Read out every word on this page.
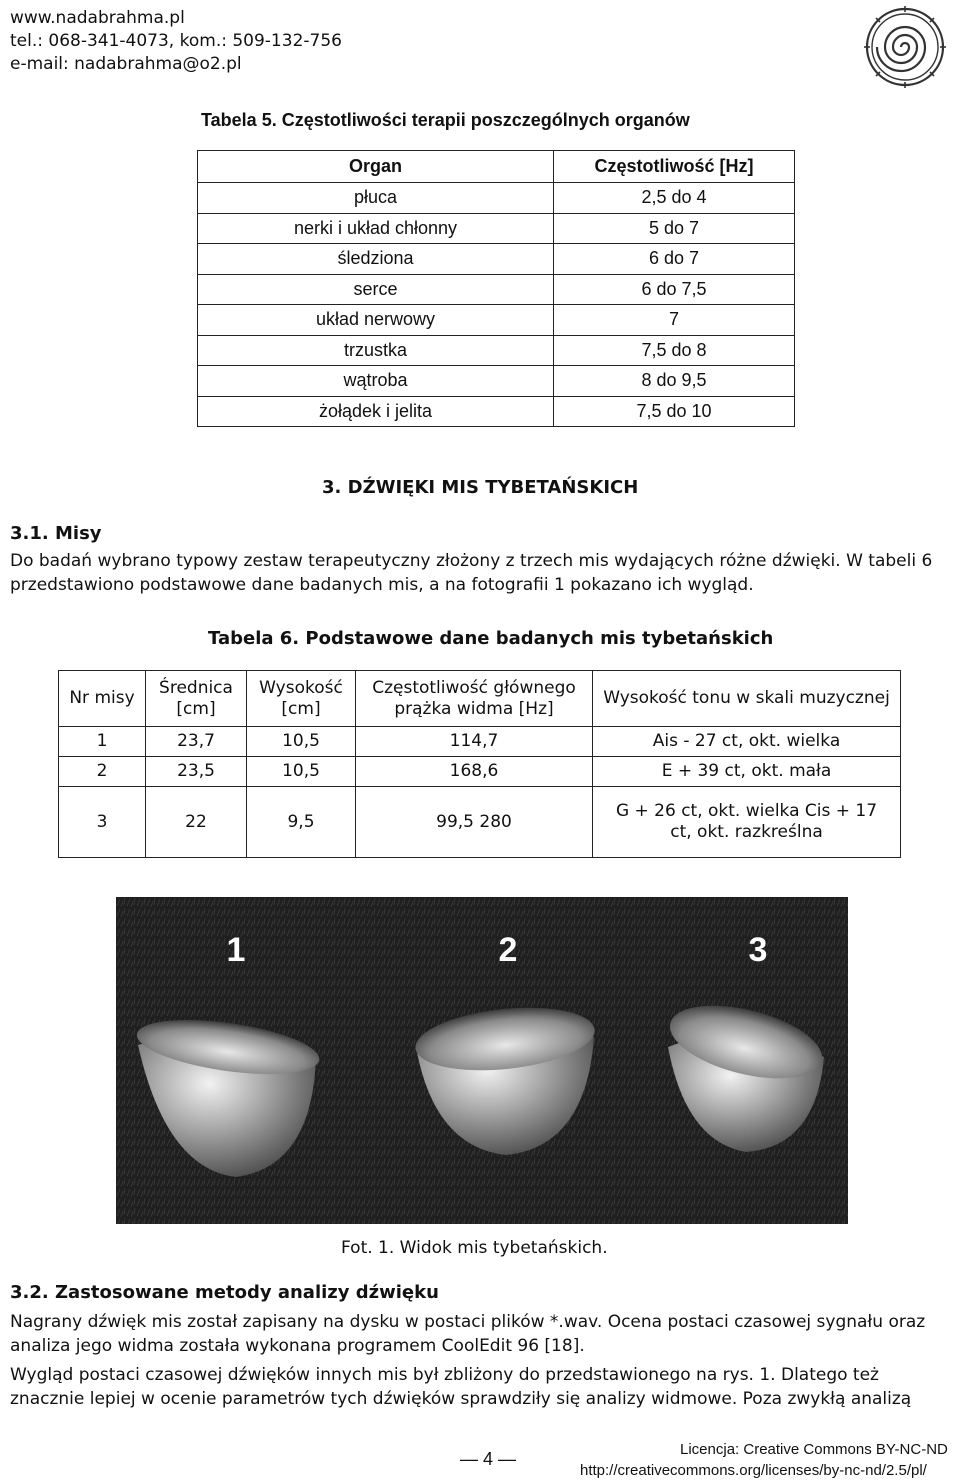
www.nadabrahma.pl
tel.: 068-341-4073, kom.: 509-132-756
e-mail: nadabrahma@o2.pl
Tabela 5. Częstotliwości terapii poszczególnych organów
Organ	Częstotliwość [Hz]
płuca	2,5 do 4
nerki i układ chłonny	5 do 7
śledziona	6 do 7
serce	6 do 7,5
układ nerwowy	7
trzustka	7,5 do 8
wątroba	8 do 9,5
żołądek i jelita	7,5 do 10
3. DŹWIĘKI MIS TYBETAŃSKICH
3.1. Misy
Do badań wybrano typowy zestaw terapeutyczny złożony z trzech mis wydających różne dźwięki. W tabeli 6 przedstawiono podstawowe dane badanych mis, a na fotografii 1 pokazano ich wygląd.
Tabela 6. Podstawowe dane badanych mis tybetańskich
Nr misy	Średnica [cm]	Wysokość [cm]	Częstotliwość głównego prążka widma [Hz]	Wysokość tonu w skali muzycznej
1	23,7	10,5	114,7	Ais - 27 ct, okt. wielka
2	23,5	10,5	168,6	E + 39 ct, okt. mała
3	22	9,5	99,5 280	G + 26 ct, okt. wielka Cis + 17 ct, okt. razkreślna
1	2	3
Fot. 1. Widok mis tybetańskich.
3.2. Zastosowane metody analizy dźwięku
Nagrany dźwięk mis został zapisany na dysku w postaci plików *.wav. Ocena postaci czasowej sygnału oraz analiza jego widma została wykonana programem CoolEdit 96 [18].
Wygląd postaci czasowej dźwięków innych mis był zbliżony do przedstawionego na rys. 1. Dlatego też znacznie lepiej w ocenie parametrów tych dźwięków sprawdziły się analizy widmowe. Poza zwykłą analizą
— 4 —	Licencja: Creative Commons BY-NC-ND
http://creativecommons.org/licenses/by-nc-nd/2.5/pl/
